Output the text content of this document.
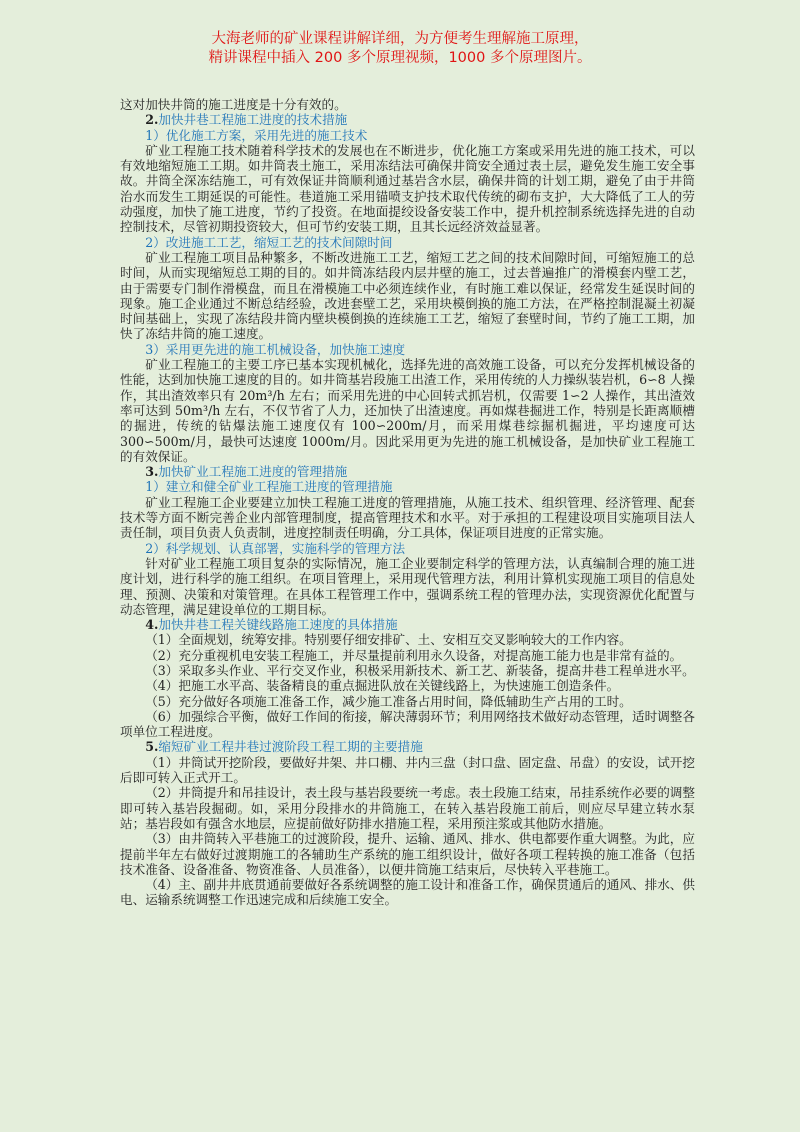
大海老师的矿业课程讲解详细，为方便考生理解施工原理，
精讲课程中插入 200 多个原理视频，1000 多个原理图片。
这对加快井筒的施工进度是十分有效的。
2.加快井巷工程施工进度的技术措施
1）优化施工方案，采用先进的施工技术
矿业工程施工技术随着科学技术的发展也在不断进步，优化施工方案或采用先进的施工技术，可以有效地缩短施工工期。如井筒表土施工，采用冻结法可确保井筒安全通过表土层，避免发生施工安全事故。井筒全深冻结施工，可有效保证井筒顺利通过基岩含水层，确保井筒的计划工期，避免了由于井筒治水而发生工期延误的可能性。巷道施工采用锚喷支护技术取代传统的砌布支护，大大降低了工人的劳动强度，加快了施工进度，节约了投资。在地面提绞设备安装工作中，提升机控制系统选择先进的自动控制技术，尽管初期投资较大，但可节约安装工期，且其长远经济效益显著。
2）改进施工工艺，缩短工艺的技术间隙时间
矿业工程施工项目品种繁多，不断改进施工工艺，缩短工艺之间的技术间隙时间，可缩短施工的总时间，从而实现缩短总工期的目的。如井筒冻结段内层井壁的施工，过去普遍推广的滑模套内壁工艺，由于需要专门制作滑模盘，而且在滑模施工中必须连续作业，有时施工难以保证，经常发生延误时间的现象。施工企业通过不断总结经验，改进套壁工艺，采用块模倒换的施工方法，在严格控制混凝土初凝时间基础上，实现了冻结段井筒内壁块模倒换的连续施工工艺，缩短了套壁时间，节约了施工工期，加快了冻结井筒的施工速度。
3）采用更先进的施工机械设备，加快施工速度
矿业工程施工的主要工序已基本实现机械化，选择先进的高效施工设备，可以充分发挥机械设备的性能，达到加快施工速度的目的。如井筒基岩段施工出渣工作，采用传统的人力操纵装岩机，6∽8 人操作，其出渣效率只有 20m³/h 左右；而采用先进的中心回转式抓岩机，仅需要 1∽2 人操作，其出渣效率可达到 50m³/h 左右，不仅节省了人力，还加快了出渣速度。再如煤巷掘进工作，特别是长距离顺槽的掘进，传统的钻爆法施工速度仅有 100∽200m/月，而采用煤巷综掘机掘进，平均速度可达 300∽500m/月，最快可达速度 1000m/月。因此采用更为先进的施工机械设备，是加快矿业工程施工的有效保证。
3.加快矿业工程施工进度的管理措施
1）建立和健全矿业工程施工进度的管理措施
矿业工程施工企业要建立加快工程施工进度的管理措施，从施工技术、组织管理、经济管理、配套技术等方面不断完善企业内部管理制度，提高管理技术和水平。对于承担的工程建设项目实施项目法人责任制，项目负责人负责制，进度控制责任明确，分工具体，保证项目进度的正常实施。
2）科学规划、认真部署，实施科学的管理方法
针对矿业工程施工项目复杂的实际情况，施工企业要制定科学的管理方法，认真编制合理的施工进度计划，进行科学的施工组织。在项目管理上，采用现代管理方法，利用计算机实现施工项目的信息处理、预测、决策和对策管理。在具体工程管理工作中，强调系统工程的管理办法，实现资源优化配置与动态管理，满足建设单位的工期目标。
4.加快井巷工程关键线路施工速度的具体措施
（1）全面规划，统筹安排。特别要仔细安排矿、土、安相互交叉影响较大的工作内容。
（2）充分重视机电安装工程施工，并尽量提前利用永久设备，对提高施工能力也是非常有益的。
（3）采取多头作业、平行交叉作业，积极采用新技术、新工艺、新装备，提高井巷工程单进水平。
（4）把施工水平高、装备精良的重点掘进队放在关键线路上，为快速施工创造条件。
（5）充分做好各项施工准备工作，减少施工准备占用时间，降低辅助生产占用的工时。
（6）加强综合平衡，做好工作间的衔接，解决薄弱环节；利用网络技术做好动态管理，适时调整各项单位工程进度。
5.缩短矿业工程井巷过渡阶段工程工期的主要措施
（1）井筒试开挖阶段，要做好井架、井口棚、井内三盘（封口盘、固定盘、吊盘）的安设，试开挖后即可转入正式开工。
（2）井筒提升和吊挂设计，表土段与基岩段要统一考虑。表土段施工结束，吊挂系统作必要的调整即可转入基岩段掘砌。如，采用分段排水的井筒施工，在转入基岩段施工前后，则应尽早建立转水泵站；基岩段如有强含水地层，应提前做好防排水措施工程，采用预注浆或其他防水措施。
（3）由井筒转入平巷施工的过渡阶段，提升、运输、通风、排水、供电都要作重大调整。为此，应提前半年左右做好过渡期施工的各辅助生产系统的施工组织设计，做好各项工程转换的施工准备（包括技术准备、设备准备、物资准备、人员准备），以便井筒施工结束后，尽快转入平巷施工。
（4）主、副井井底贯通前要做好各系统调整的施工设计和准备工作，确保贯通后的通风、排水、供电、运输系统调整工作迅速完成和后续施工安全。
